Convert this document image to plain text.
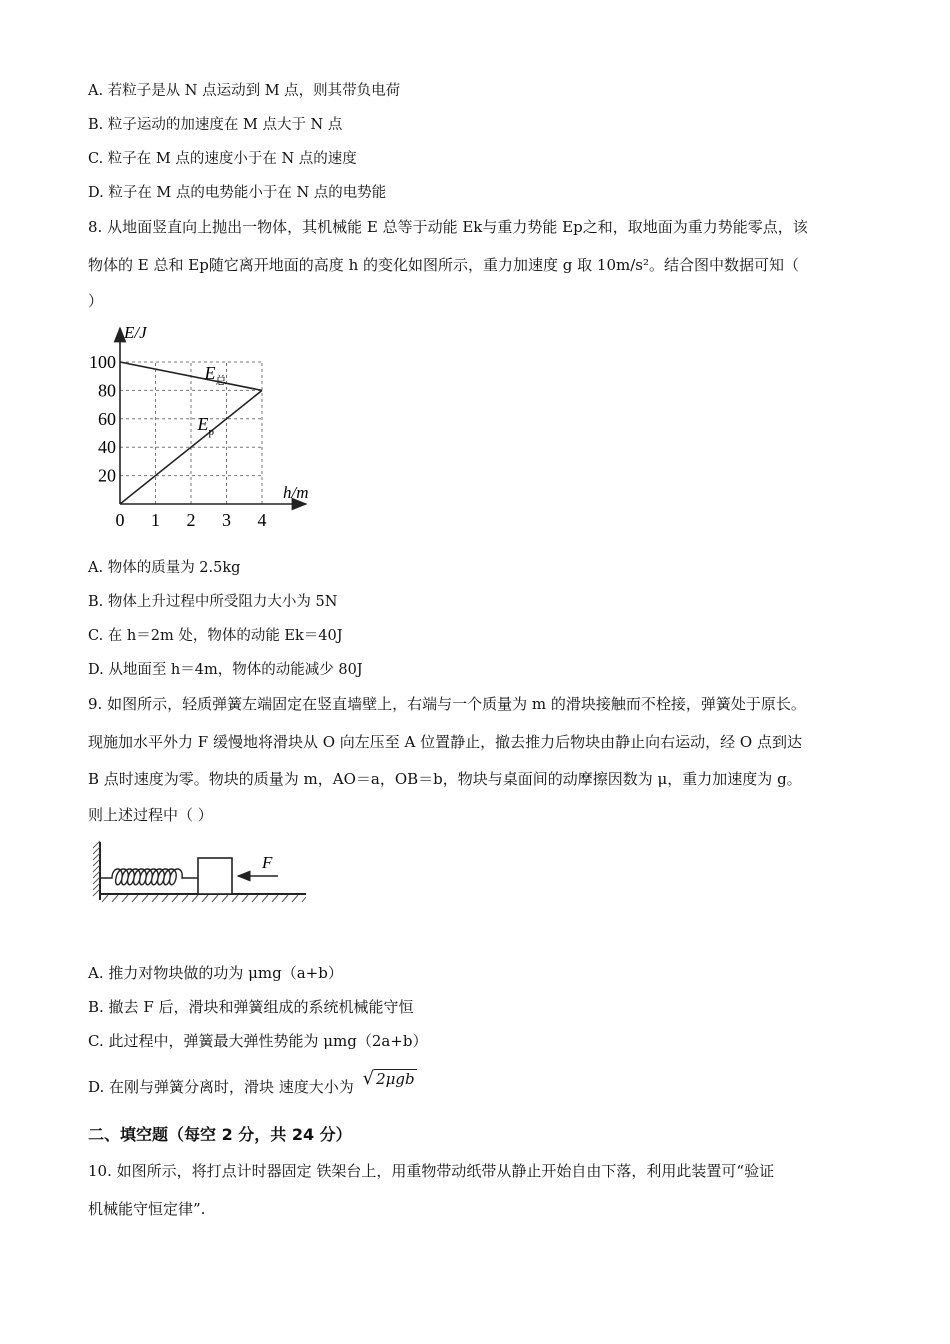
A. 若粒子是从 N 点运动到 M 点，则其带负电荷
B. 粒子运动的加速度在 M 点大于 N 点
C. 粒子在 M 点的速度小于在 N 点的速度
D. 粒子在 M 点的电势能小于在 N 点的电势能
8. 从地面竖直向上抛出一物体，其机械能 E 总等于动能 Ek与重力势能 Ep之和，取地面为重力势能零点，该
物体的 E 总和 Ep随它离开地面的高度 h 的变化如图所示，重力加速度 g 取 10m/s²。结合图中数据可知（
）
E/J
h/m
20
40
60
80
100
0 1 2 3 4
$E_总$
$E_p$
A. 物体的质量为 2.5kg
B. 物体上升过程中所受阻力大小为 5N
C. 在 h＝2m 处，物体的动能 Ek＝40J
D. 从地面至 h＝4m，物体的动能减少 80J
9. 如图所示，轻质弹簧左端固定在竖直墙壁上，右端与一个质量为 m 的滑块接触而不栓接，弹簧处于原长。
现施加水平外力 F 缓慢地将滑块从 O 向左压至 A 位置静止，撤去推力后物块由静止向右运动，经 O 点到达
B 点时速度为零。物块的质量为 m，AO＝a，OB＝b，物块与桌面间的动摩擦因数为 μ，重力加速度为 g。
则上述过程中（ ）
F
A. 推力对物块做的功为 μmg（a+b）
B. 撤去 F 后，滑块和弹簧组成的系统机械能守恒
C. 此过程中，弹簧最大弹性势能为 μmg（2a+b）
D. 在刚与弹簧分离时，滑块 速度大小为 √ 2μgb
二、填空题（每空 2 分，共 24 分）
10. 如图所示，将打点计时器固定 铁架台上，用重物带动纸带从静止开始自由下落，利用此装置可“验证
机械能守恒定律”.
